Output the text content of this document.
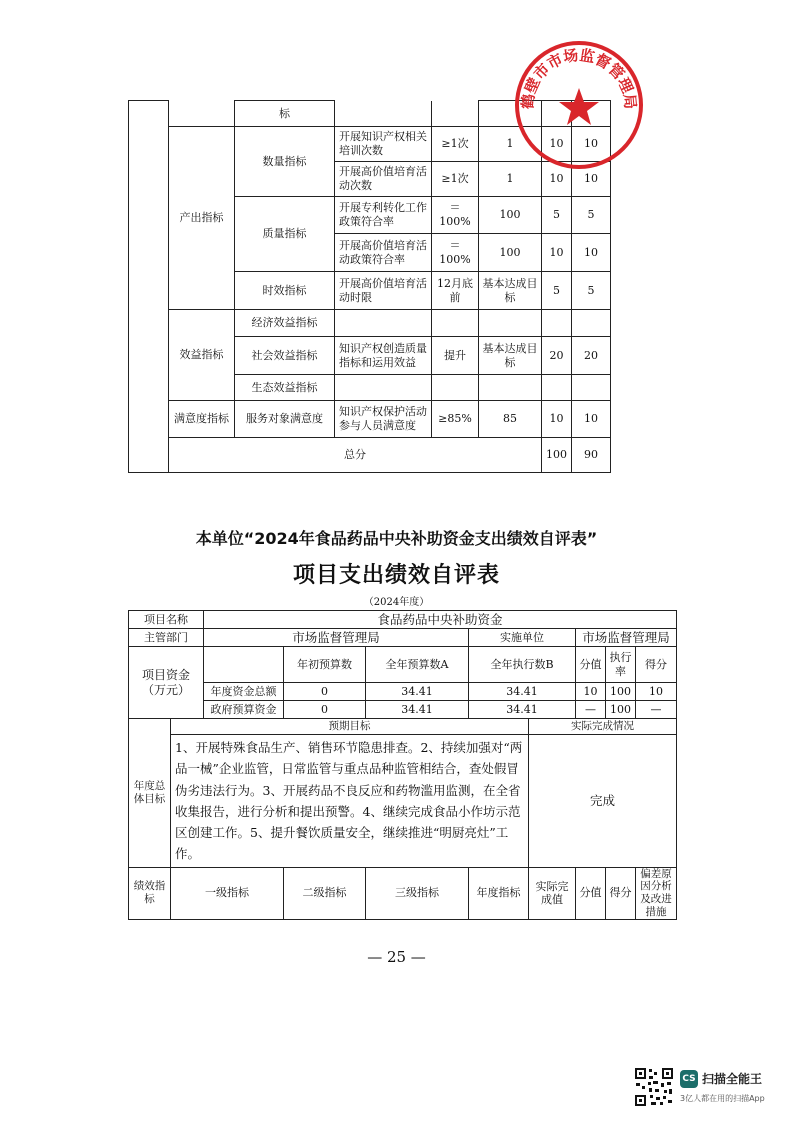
		标					
	产出指标	数量指标	开展知识产权相关培训次数	≥1次	1	10	10
			开展高价值培育活动次数	≥1次	1	10	10
		质量指标	开展专利转化工作政策符合率	＝100%	100	5	5
			开展高价值培育活动政策符合率	＝100%	100	10	10
		时效指标	开展高价值培育活动时限	12月底前	基本达成目标	5	5
	效益指标	经济效益指标					
		社会效益指标	知识产权创造质量指标和运用效益	提升	基本达成目标	20	20
		生态效益指标					
	满意度指标	服务对象满意度	知识产权保护活动参与人员满意度	≥85%	85	10	10
	总分					100	90
鹤壁市市场监督管理局
本单位“2024年食品药品中央补助资金支出绩效自评表”
项目支出绩效自评表
（2024年度）
项目名称		食品药品中央补助资金							
主管部门		市场监督管理局			实施单位		市场监督管理局		
项目资金（万元）			年初预算数	全年预算数A	全年执行数B		分值	执行率	得分
		年度资金总额	0	34.41	34.41		10	100	10
		政府预算资金	0	34.41	34.41		—	100	—
年度总体目标	预期目标					实际完成情况			
	1、开展特殊食品生产、销售环节隐患排查。2、持续加强对“两品一械”企业监管，日常监管与重点品种监管相结合，查处假冒伪劣违法行为。3、开展药品不良反应和药物滥用监测，在全省收集报告，进行分析和提出预警。4、继续完成食品小作坊示范区创建工作。5、提升餐饮质量安全，继续推进“明厨亮灶”工作。					完成			
绩效指标	一级指标		二级指标	三级指标	年度指标	实际完成值	分值	得分	偏差原因分析及改进措施
— 25 —
CS 扫描全能王
3亿人都在用的扫描App
